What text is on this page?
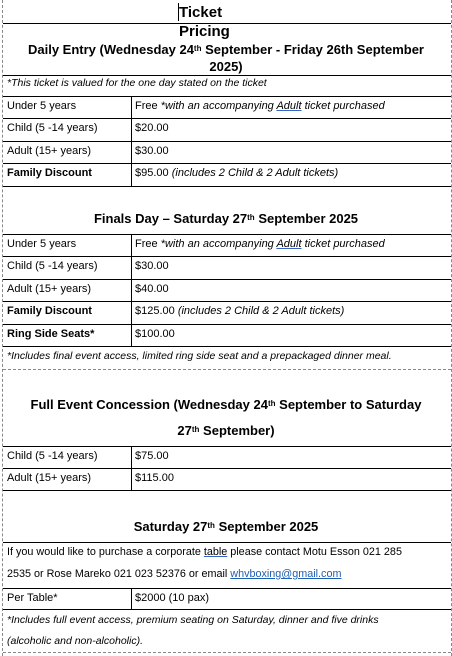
Ticket Pricing
Daily Entry (Wednesday 24th September - Friday 26th September
2025)
*This ticket is valued for the one day stated on the ticket
Under 5 years	Free *with an accompanying Adult ticket purchased
Child (5 -14 years)	$20.00
Adult (15+ years)	$30.00
Family Discount	$95.00 (includes 2 Child & 2 Adult tickets)
Finals Day – Saturday 27th September 2025
Under 5 years	Free *with an accompanying Adult ticket purchased
Child (5 -14 years)	$30.00
Adult (15+ years)	$40.00
Family Discount	$125.00 (includes 2 Child & 2 Adult tickets)
Ring Side Seats*	$100.00
*Includes final event access, limited ring side seat and a prepackaged dinner meal.
Full Event Concession (Wednesday 24th September to Saturday
27th September)
Child (5 -14 years)	$75.00
Adult (15+ years)	$115.00
Saturday 27th September 2025
If you would like to purchase a corporate table please contact Motu Esson 021 285
2535 or Rose Mareko 021 023 52376 or email whvboxing@gmail.com
Per Table*	$2000 (10 pax)
*Includes full event access, premium seating on Saturday, dinner and five drinks
(alcoholic and non-alcoholic).
